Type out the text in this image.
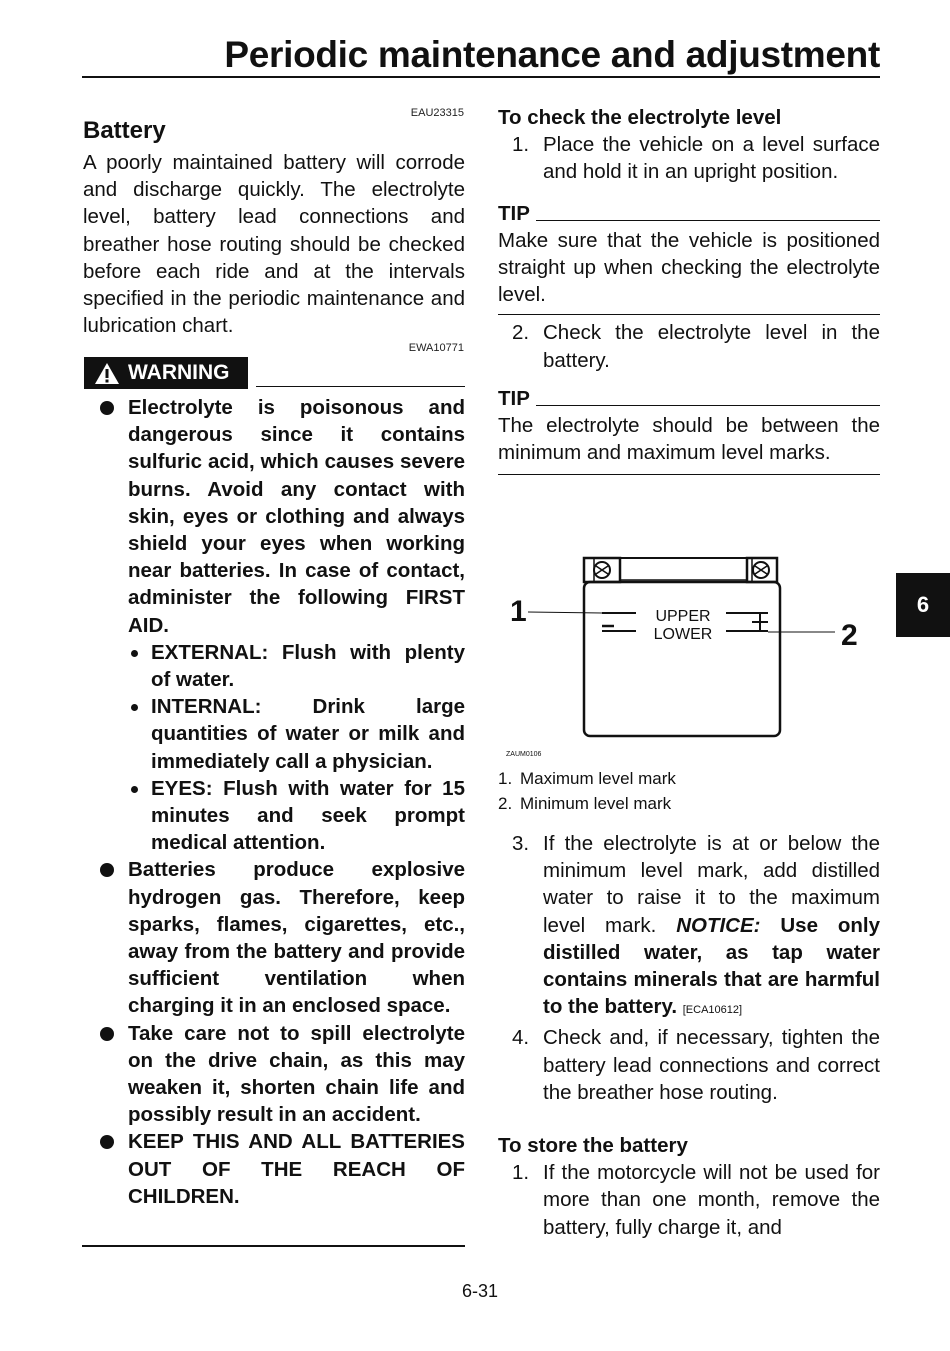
Periodic maintenance and adjustment
6
EAU23315
Battery

A poorly maintained battery will corrode and discharge quickly. The electrolyte level, battery lead connections and breather hose routing should be checked before each ride and at the intervals specified in the periodic maintenance and lubrication chart.

EWA10771
WARNING
Electrolyte is poisonous and dangerous since it contains sulfuric acid, which causes severe burns. Avoid any contact with skin, eyes or clothing and always shield your eyes when working near batteries. In case of contact, administer the following FIRST AID.
EXTERNAL: Flush with plenty of water.
INTERNAL: Drink large quantities of water or milk and immediately call a physician.
EYES: Flush with water for 15 minutes and seek prompt medical attention.
Batteries produce explosive hydrogen gas. Therefore, keep sparks, flames, cigarettes, etc., away from the battery and provide sufficient ventilation when charging it in an enclosed space.
Take care not to spill electrolyte on the drive chain, as this may weaken it, shorten chain life and possibly result in an accident.
KEEP THIS AND ALL BATTERIES OUT OF THE REACH OF CHILDREN.
To check the electrolyte level
1. Place the vehicle on a level surface and hold it in an upright position.
TIP

Make sure that the vehicle is positioned straight up when checking the electrolyte level.

2. Check the electrolyte level in the battery.
TIP

The electrolyte should be between the minimum and maximum level marks.

UPPER
LOWER
1
2
ZAUM0106
1. Maximum level mark
2. Minimum level mark
3. If the electrolyte is at or below the minimum level mark, add distilled water to raise it to the maximum level mark. NOTICE: Use only distilled water, as tap water contains minerals that are harmful to the battery. [ECA10612]
4. Check and, if necessary, tighten the battery lead connections and correct the breather hose routing.
To store the battery
1. If the motorcycle will not be used for more than one month, remove the battery, fully charge it, and
6-31
